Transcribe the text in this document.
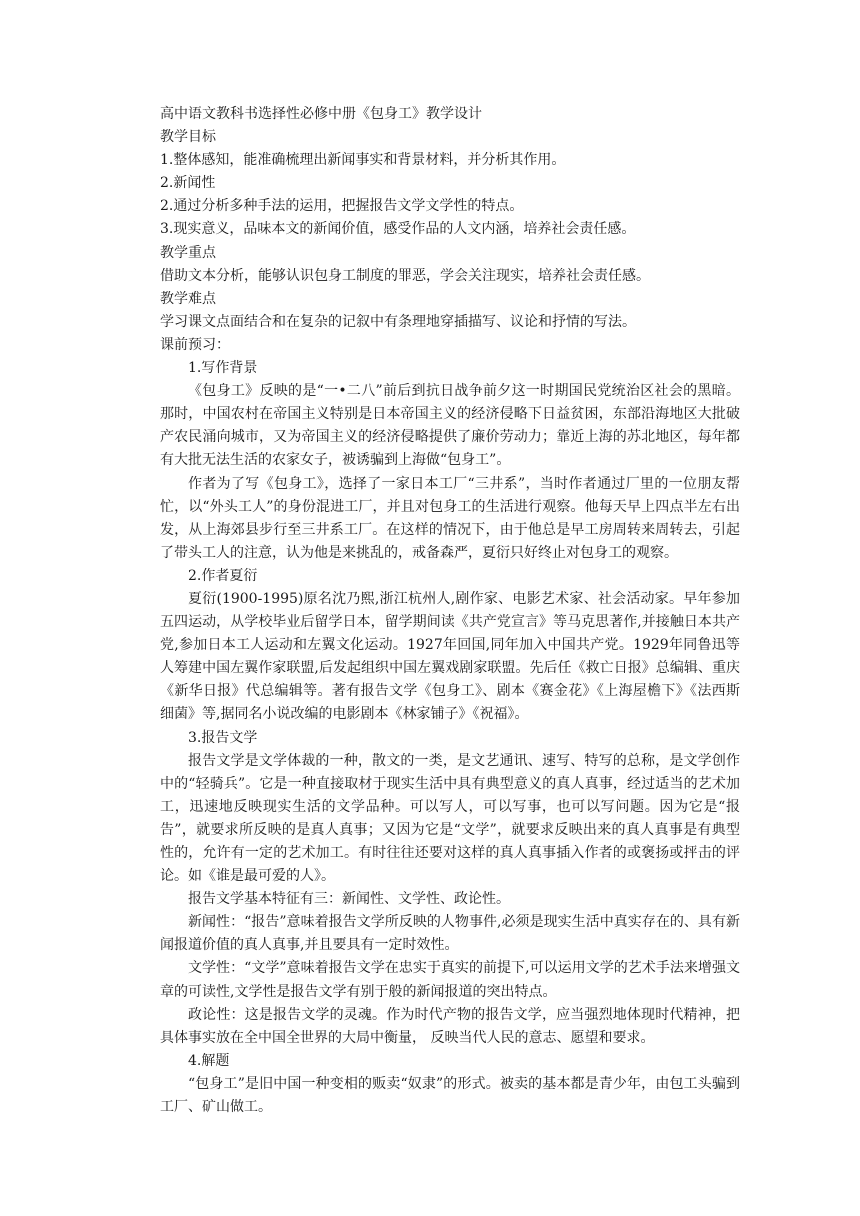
高中语文教科书选择性必修中册《包身工》教学设计

教学目标

1.整体感知，能准确梳理出新闻事实和背景材料，并分析其作用。

2.新闻性

2.通过分析多种手法的运用，把握报告文学文学性的特点。

3.现实意义，品味本文的新闻价值，感受作品的人文内涵，培养社会责任感。

教学重点

借助文本分析，能够认识包身工制度的罪恶，学会关注现实，培养社会责任感。

教学难点

学习课文点面结合和在复杂的记叙中有条理地穿插描写、议论和抒情的写法。

课前预习：

1.写作背景

《包身工》反映的是“一•二八”前后到抗日战争前夕这一时期国民党统治区社会的黑暗。那时，中国农村在帝国主义特别是日本帝国主义的经济侵略下日益贫困，东部沿海地区大批破产农民涌向城市，又为帝国主义的经济侵略提供了廉价劳动力；靠近上海的苏北地区，每年都有大批无法生活的农家女子，被诱骗到上海做“包身工”。

作者为了写《包身工》，选择了一家日本工厂“三井系”，当时作者通过厂里的一位朋友帮忙，以“外头工人”的身份混进工厂，并且对包身工的生活进行观察。他每天早上四点半左右出发，从上海郊县步行至三井系工厂。在这样的情况下，由于他总是早工房周转来周转去，引起了带头工人的注意，认为他是来挑乱的，戒备森严，夏衍只好终止对包身工的观察。

2.作者夏衍

夏衍(1900-1995)原名沈乃熙,浙江杭州人,剧作家、电影艺术家、社会活动家。早年参加五四运动，从学校毕业后留学日本，留学期间读《共产党宣言》等马克思著作,并接触日本共产党,参加日本工人运动和左翼文化运动。1927年回国,同年加入中国共产党。1929年同鲁迅等人筹建中国左翼作家联盟,后发起组织中国左翼戏剧家联盟。先后任《救亡日报》总编辑、重庆《新华日报》代总编辑等。著有报告文学《包身工》、剧本《赛金花》《上海屋檐下》《法西斯细菌》等,据同名小说改编的电影剧本《林家铺子》《祝福》。

3.报告文学

报告文学是文学体裁的一种，散文的一类，是文艺通讯、速写、特写的总称，是文学创作中的“轻骑兵”。它是一种直接取材于现实生活中具有典型意义的真人真事，经过适当的艺术加工，迅速地反映现实生活的文学品种。可以写人，可以写事，也可以写问题。因为它是“报告”，就要求所反映的是真人真事；又因为它是“文学”，就要求反映出来的真人真事是有典型性的，允许有一定的艺术加工。有时往往还要对这样的真人真事插入作者的或褒扬或抨击的评论。如《谁是最可爱的人》。

报告文学基本特征有三：新闻性、文学性、政论性。

新闻性：“报告”意味着报告文学所反映的人物事件,必须是现实生活中真实存在的、具有新闻报道价值的真人真事,并且要具有一定时效性。

文学性：“文学”意味着报告文学在忠实于真实的前提下,可以运用文学的艺术手法来增强文章的可读性,文学性是报告文学有别于般的新闻报道的突出特点。

政论性：这是报告文学的灵魂。作为时代产物的报告文学，应当强烈地体现时代精神，把具体事实放在全中国全世界的大局中衡量， 反映当代人民的意志、愿望和要求。

4.解题

“包身工”是旧中国一种变相的贩卖“奴隶”的形式。被卖的基本都是青少年，由包工头骗到工厂、矿山做工。
